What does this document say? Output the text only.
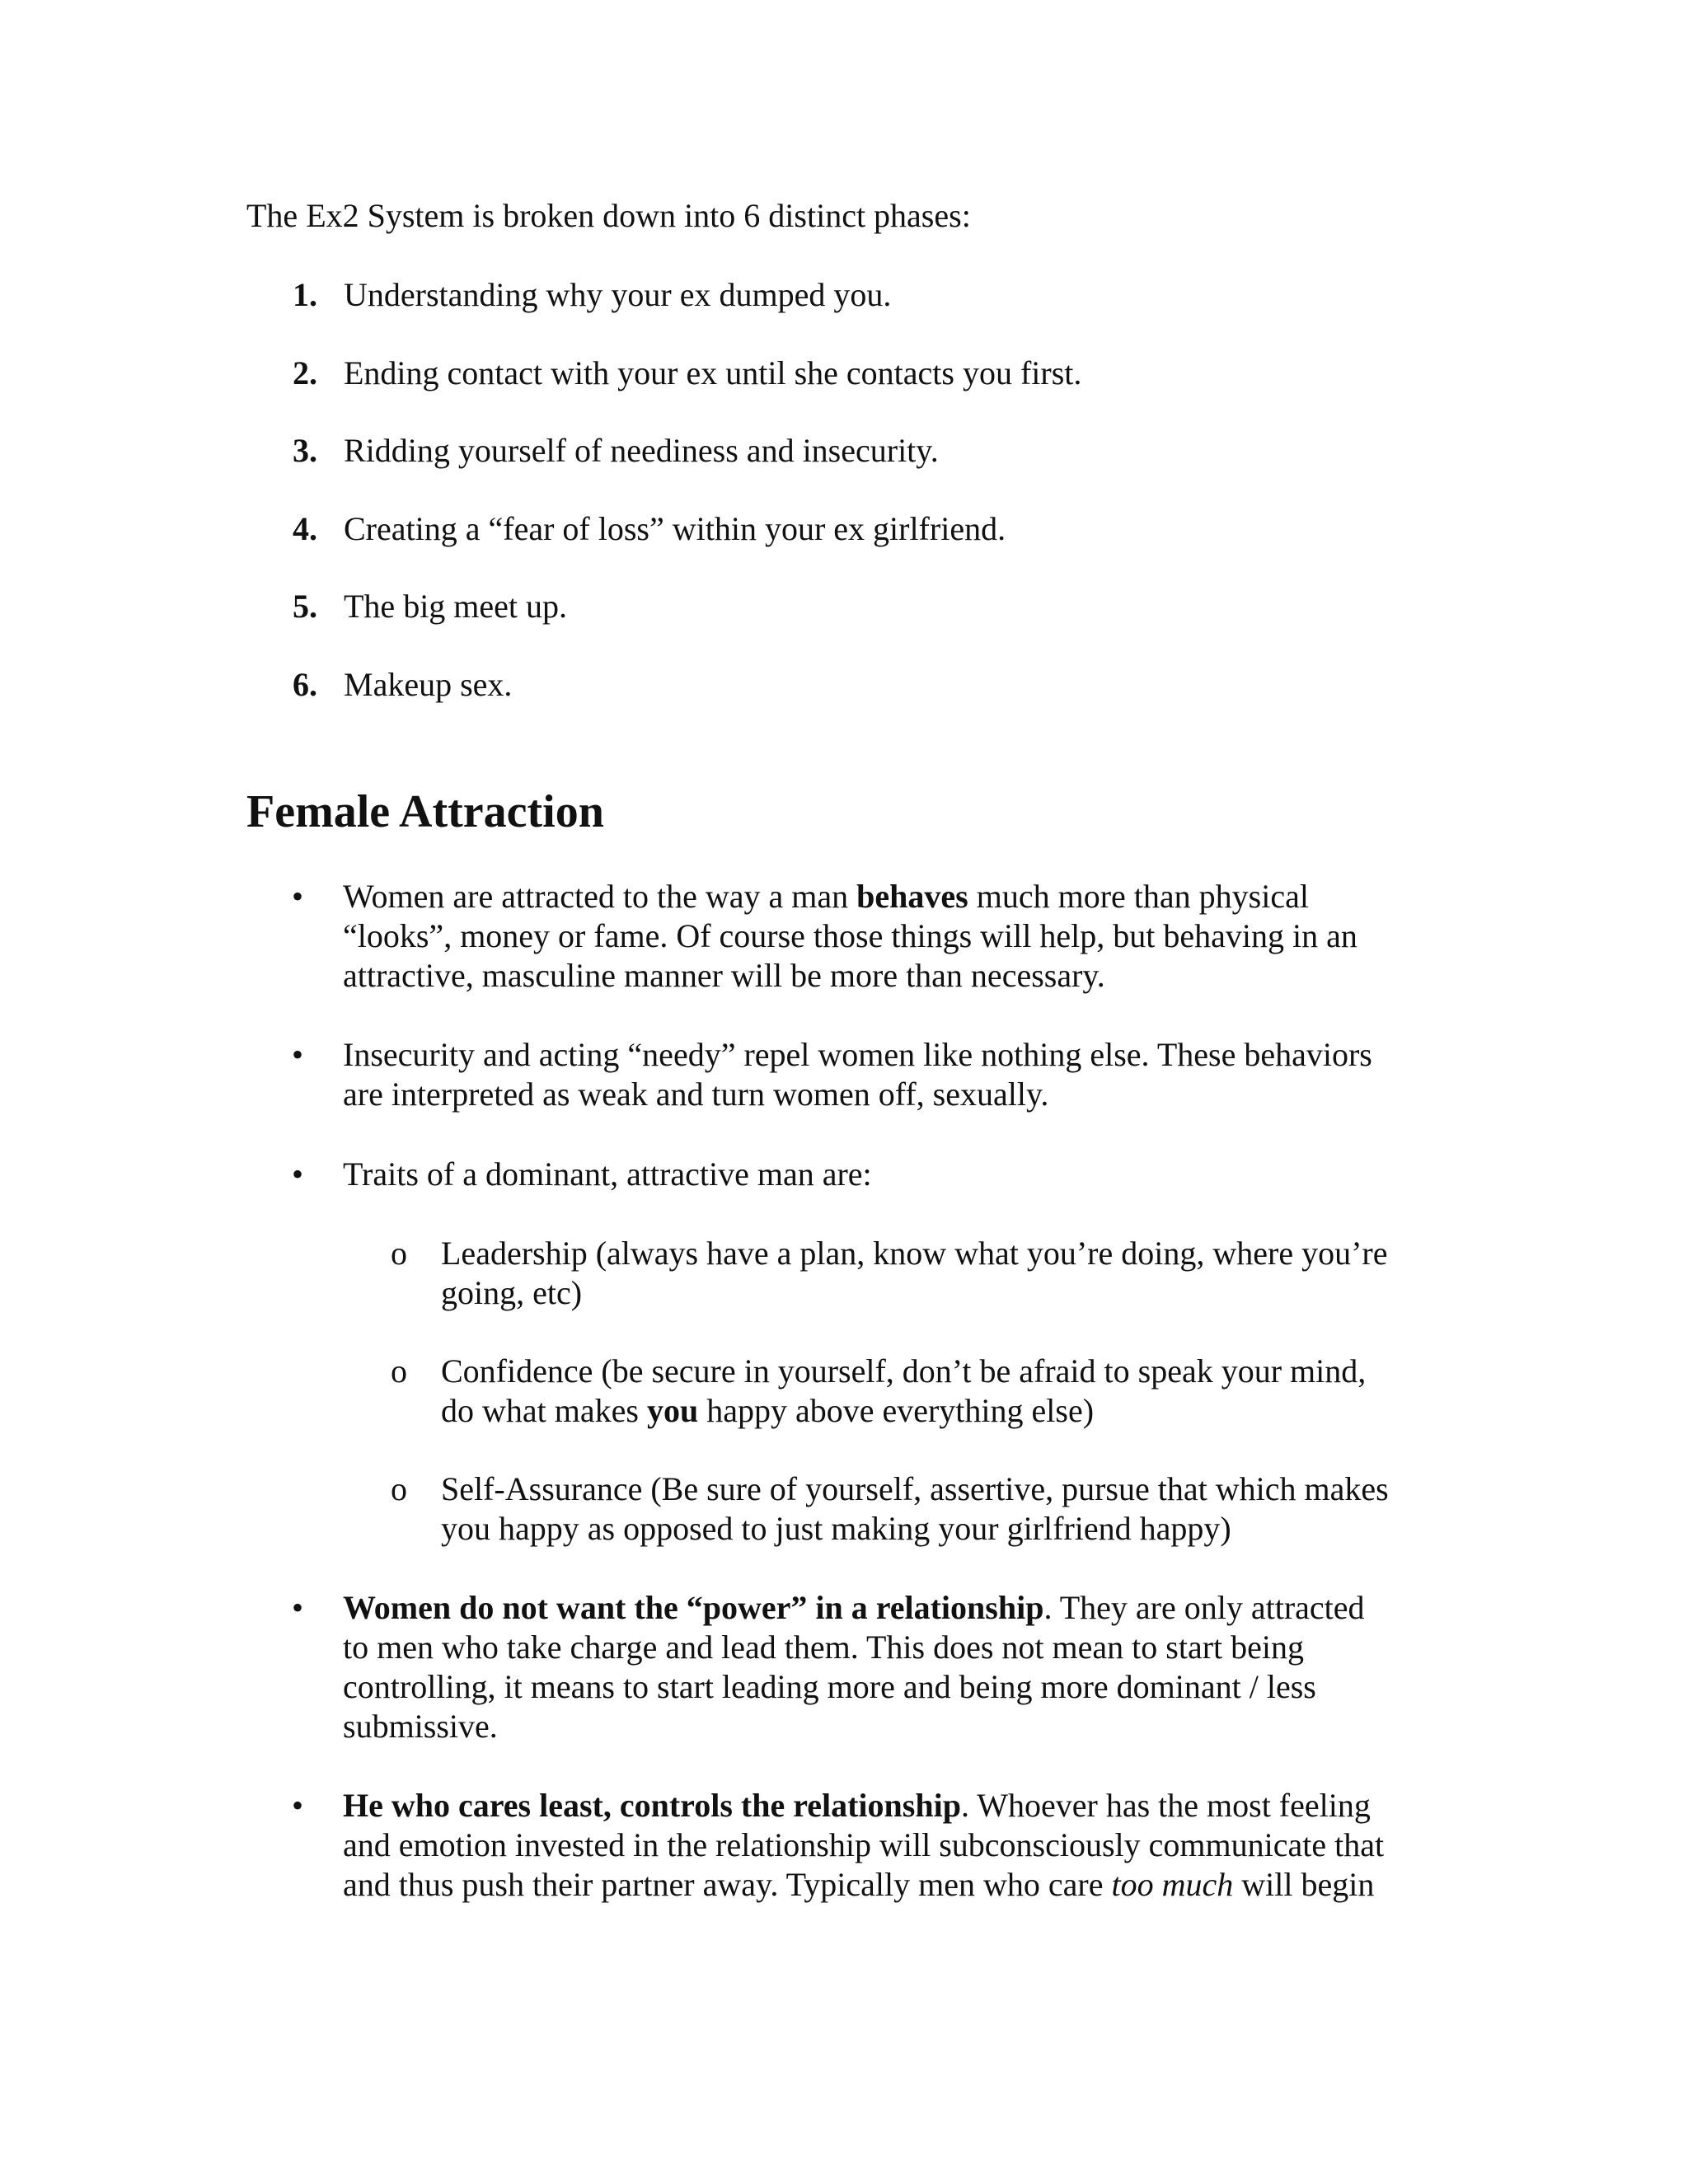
The Ex2 System is broken down into 6 distinct phases:
1. Understanding why your ex dumped you.
2. Ending contact with your ex until she contacts you first.
3. Ridding yourself of neediness and insecurity.
4. Creating a “fear of loss” within your ex girlfriend.
5. The big meet up.
6. Makeup sex.
Female Attraction
•	Women are attracted to the way a man behaves much more than physical
“looks”, money or fame. Of course those things will help, but behaving in an
attractive, masculine manner will be more than necessary.
•	Insecurity and acting “needy” repel women like nothing else. These behaviors
are interpreted as weak and turn women off, sexually.
•	Traits of a dominant, attractive man are:
o	Leadership (always have a plan, know what you’re doing, where you’re
going, etc)
o	Confidence (be secure in yourself, don’t be afraid to speak your mind,
do what makes you happy above everything else)
o	Self-Assurance (Be sure of yourself, assertive, pursue that which makes
you happy as opposed to just making your girlfriend happy)
•	Women do not want the “power” in a relationship. They are only attracted
to men who take charge and lead them. This does not mean to start being
controlling, it means to start leading more and being more dominant / less
submissive.
•	He who cares least, controls the relationship. Whoever has the most feeling
and emotion invested in the relationship will subconsciously communicate that
and thus push their partner away. Typically men who care too much will begin
